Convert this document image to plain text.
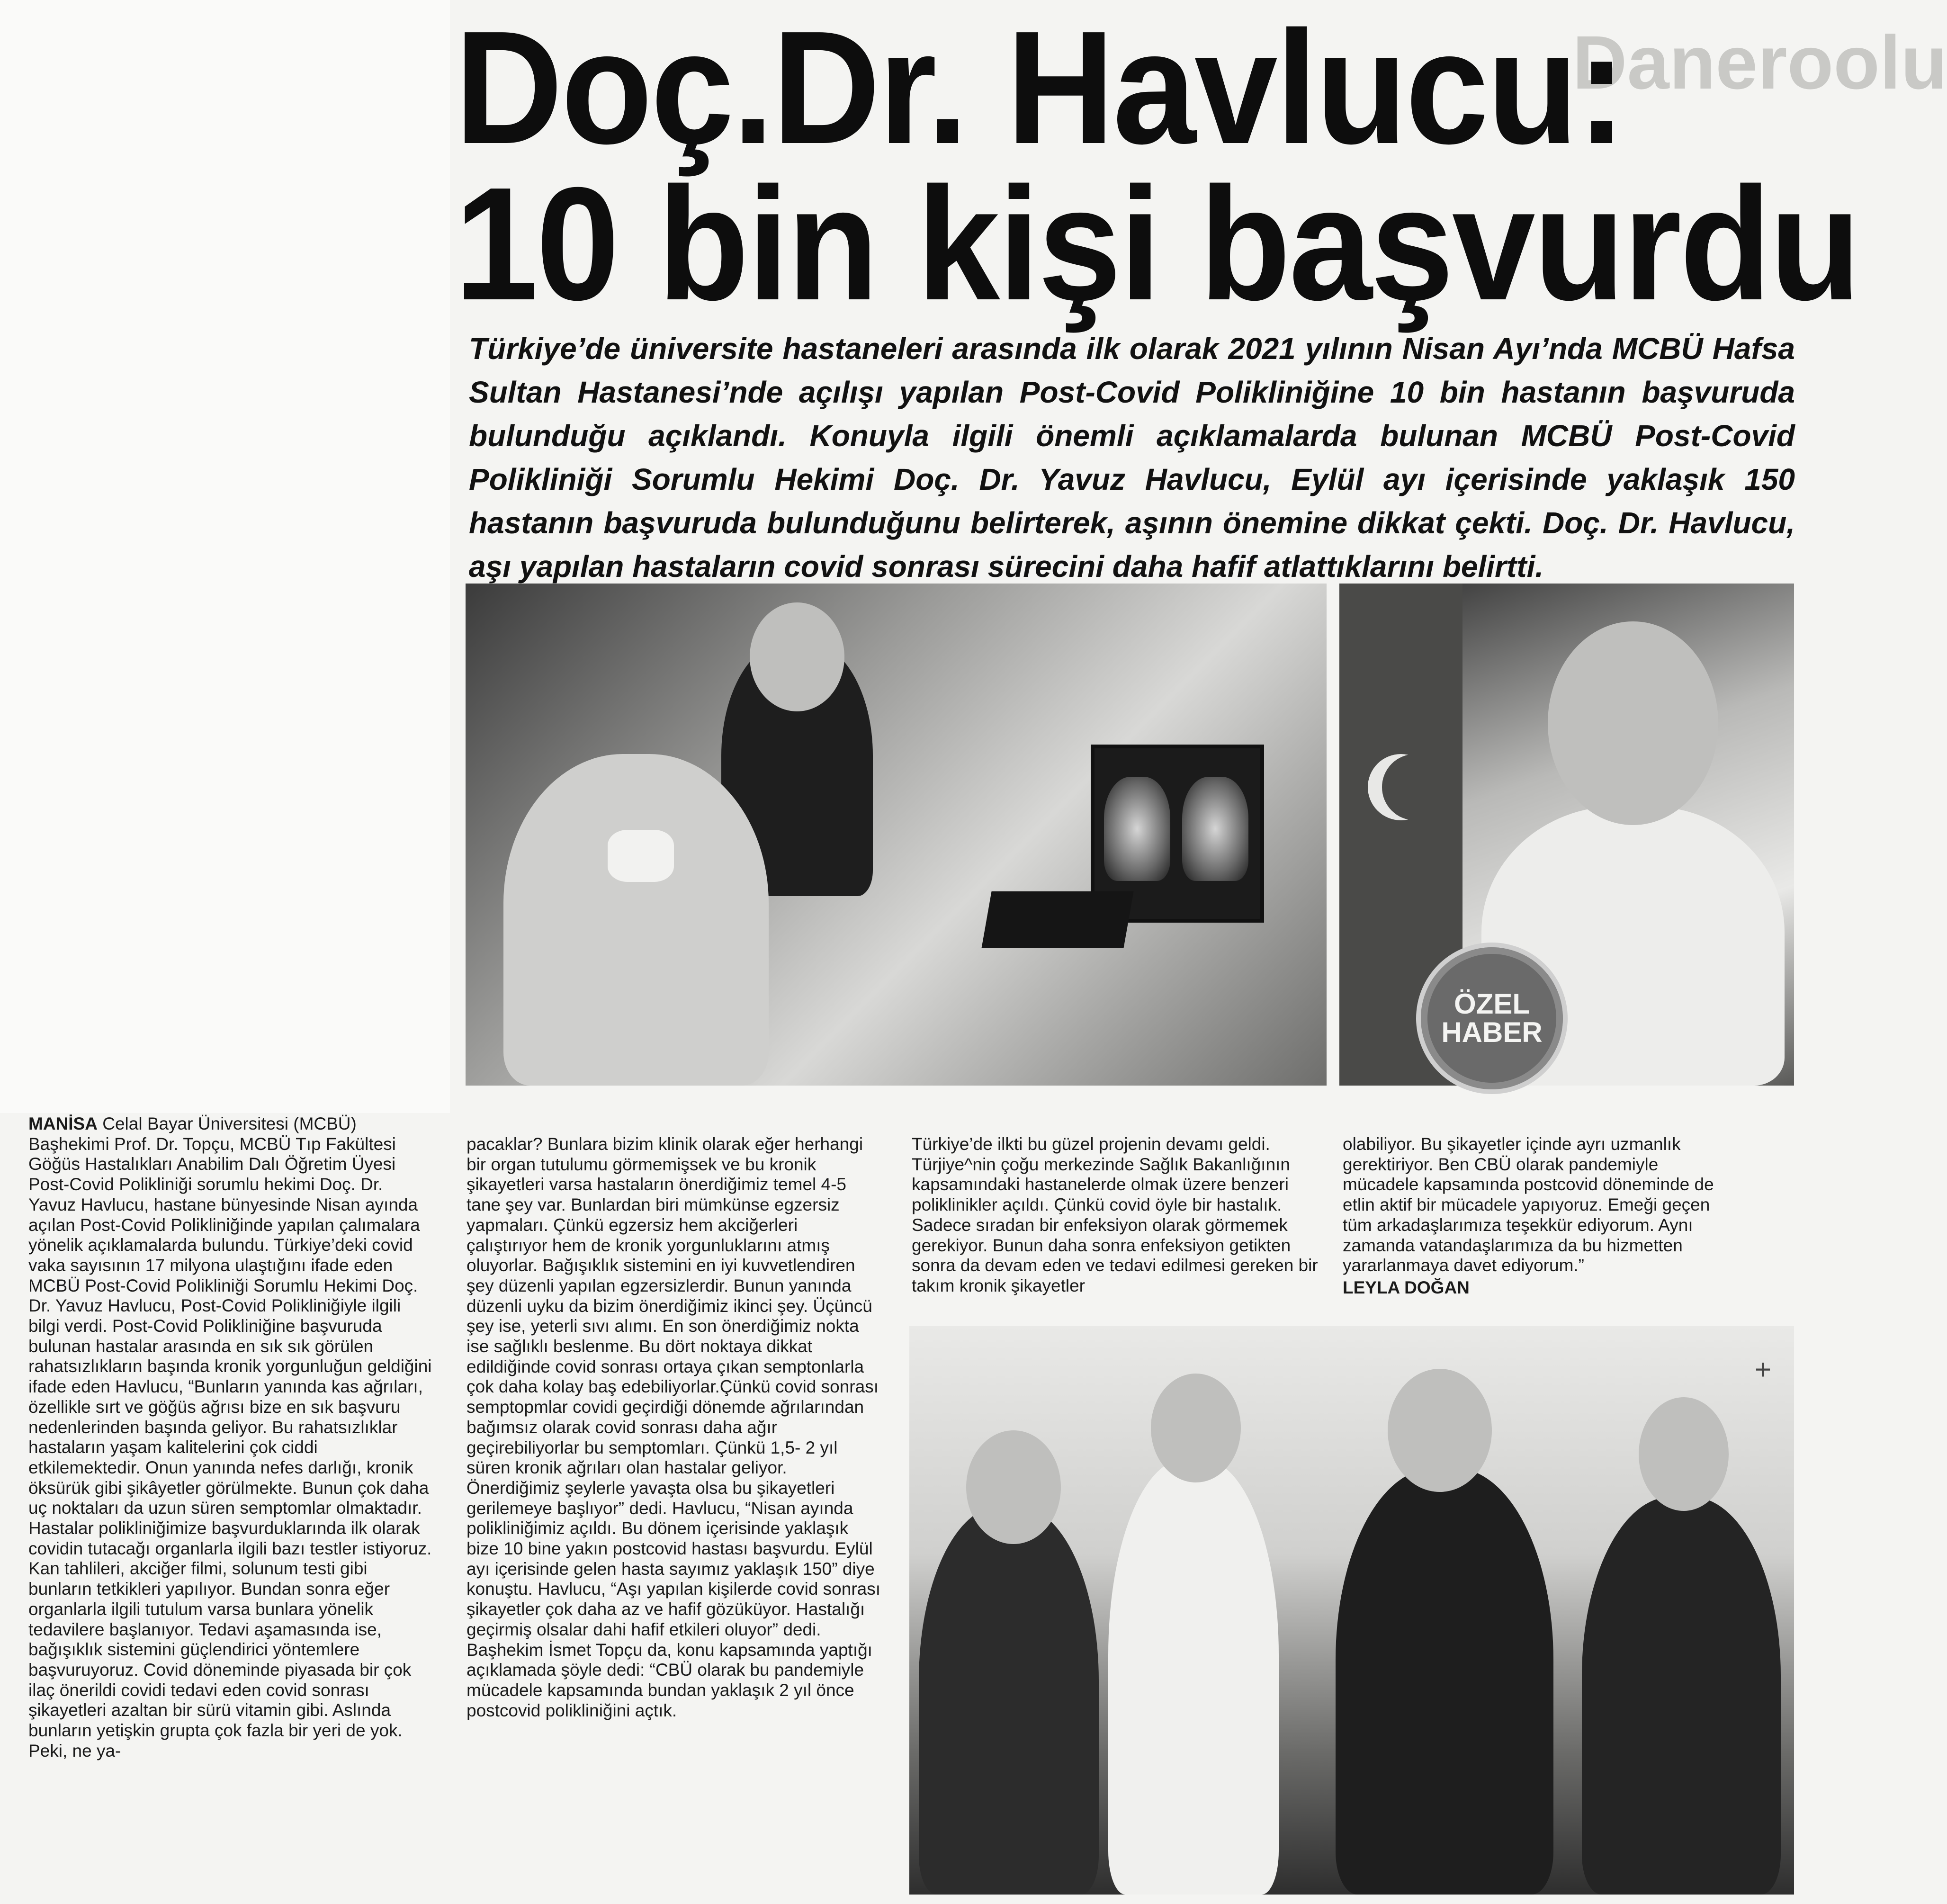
Daneroolu
Doç.Dr. Havlucu:
10 bin kişi başvurdu
Türkiye’de üniversite hastaneleri arasında ilk olarak 2021 yılının Nisan Ayı’nda MCBÜ Hafsa Sultan Hastanesi’nde açılışı yapılan Post-Covid Polikliniğine 10 bin hastanın başvuruda bulunduğu açıklandı. Konuyla ilgili önemli açıklamalarda bulunan MCBÜ Post-Covid Polikliniği Sorumlu Hekimi Doç. Dr. Yavuz Havlucu, Eylül ayı içerisinde yaklaşık 150 hastanın başvuruda bulunduğunu belirterek, aşının önemine dikkat çekti. Doç. Dr. Havlucu, aşı yapılan hastaların covid sonrası sürecini daha hafif atlattıklarını belirtti.
ÖZEL HABER

MANİSA Celal Bayar Üniversitesi (MCBÜ) Başhekimi Prof. Dr. Topçu, MCBÜ Tıp Fakültesi Göğüs Hastalıkları Anabilim Dalı Öğretim Üyesi Post-Covid Polikliniği sorumlu hekimi Doç. Dr. Yavuz Havlucu, hastane bünyesinde Nisan ayında açılan Post-Covid Polikliniğinde yapılan çalımalara yönelik açıklamalarda bulundu. Türkiye’deki covid vaka sayısının 17 milyona ulaştığını ifade eden MCBÜ Post-Covid Polikliniği Sorumlu Hekimi Doç. Dr. Yavuz Havlucu, Post-Covid Polikliniğiyle ilgili bilgi verdi. Post-Covid Polikliniğine başvuruda bulunan hastalar arasında en sık sık görülen rahatsızlıkların başında kronik yorgunluğun geldiğini ifade eden Havlucu, “Bunların yanında kas ağrıları, özellikle sırt ve göğüs ağrısı bize en sık başvuru nedenlerinden başında geliyor. Bu rahatsızlıklar hastaların yaşam kalitelerini çok ciddi etkilemektedir. Onun yanında nefes darlığı, kronik öksürük gibi şikâyetler görülmekte. Bunun çok daha uç noktaları da uzun süren semptomlar olmaktadır. Hastalar polikliniğimize başvurduklarında ilk olarak covidin tutacağı organlarla ilgili bazı testler istiyoruz. Kan tahlileri, akciğer filmi, solunum testi gibi bunların tetkikleri yapılıyor. Bundan sonra eğer organlarla ilgili tutulum varsa bunlara yönelik tedavilere başlanıyor. Tedavi aşamasında ise, bağışıklık sistemini güçlendirici yöntemlere başvuruyoruz. Covid döneminde piyasada bir çok ilaç önerildi covidi tedavi eden covid sonrası şikayetleri azaltan bir sürü vitamin gibi. Aslında bunların yetişkin grupta çok fazla bir yeri de yok. Peki, ne ya-

pacaklar? Bunlara bizim klinik olarak eğer herhangi bir organ tutulumu görmemişsek ve bu kronik şikayetleri varsa hastaların önerdiğimiz temel 4-5 tane şey var. Bunlardan biri mümkünse egzersiz yapmaları. Çünkü egzersiz hem akciğerleri çalıştırıyor hem de kronik yorgunluklarını atmış oluyorlar. Bağışıklık sistemini en iyi kuvvetlendiren şey düzenli yapılan egzersizlerdir. Bunun yanında düzenli uyku da bizim önerdiğimiz ikinci şey. Üçüncü şey ise, yeterli sıvı alımı. En son önerdiğimiz nokta ise sağlıklı beslenme. Bu dört noktaya dikkat edildiğinde covid sonrası ortaya çıkan semptonlarla çok daha kolay baş edebiliyorlar.Çünkü covid sonrası semptopmlar covidi geçirdiği dönemde ağrılarından bağımsız olarak covid sonrası daha ağır geçirebiliyorlar bu semptomları. Çünkü 1,5- 2 yıl süren kronik ağrıları olan hastalar geliyor. Önerdiğimiz şeylerle yavaşta olsa bu şikayetleri gerilemeye başlıyor” dedi. Havlucu, “Nisan ayında polikliniğimiz açıldı. Bu dönem içerisinde yaklaşık bize 10 bine yakın postcovid hastası başvurdu. Eylül ayı içerisinde gelen hasta sayımız yaklaşık 150” diye konuştu. Havlucu, “Aşı yapılan kişilerde covid sonrası şikayetler çok daha az ve hafif gözüküyor. Hastalığı geçirmiş olsalar dahi hafif etkileri oluyor” dedi. Başhekim İsmet Topçu da, konu kapsamında yaptığı açıklamada şöyle dedi: “CBÜ olarak bu pandemiyle mücadele kapsamında bundan yaklaşık 2 yıl önce postcovid polikliniğini açtık.

Türkiye’de ilkti bu güzel projenin devamı geldi. Türjiye^nin çoğu merkezinde Sağlık Bakanlığının kapsamındaki hastanelerde olmak üzere benzeri poliklinikler açıldı. Çünkü covid öyle bir hastalık. Sadece sıradan bir enfeksiyon olarak görmemek gerekiyor. Bunun daha sonra enfeksiyon getikten sonra da devam eden ve tedavi edilmesi gereken bir takım kronik şikayetler

olabiliyor. Bu şikayetler içinde ayrı uzmanlık gerektiriyor. Ben CBÜ olarak pandemiyle mücadele kapsamında postcovid döneminde de etlin aktif bir mücadele yapıyoruz. Emeği geçen tüm arkadaşlarımıza teşekkür ediyorum. Aynı zamanda vatandaşlarımıza da bu hizmetten yararlanmaya davet ediyorum.”

LEYLA DOĞAN

+
